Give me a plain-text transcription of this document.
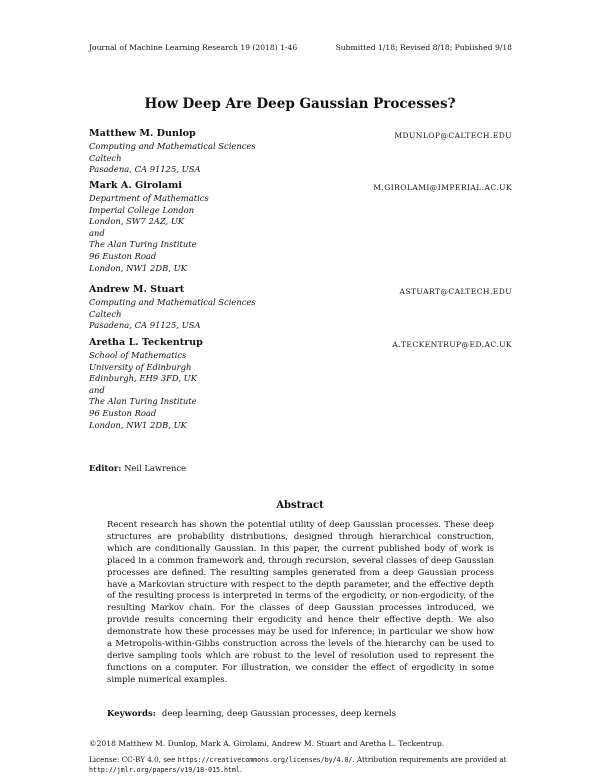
Journal of Machine Learning Research 19 (2018) 1-46	Submitted 1/18; Revised 8/18; Published 9/18

How Deep Are Deep Gaussian Processes?
Matthew M. Dunlop
Computing and Mathematical Sciences
Caltech
Pasadena, CA 91125, USA
MDUNLOP@CALTECH.EDU
Mark A. Girolami
Department of Mathematics
Imperial College London
London, SW7 2AZ, UK
and
The Alan Turing Institute
96 Euston Road
London, NW1 2DB, UK
M.GIROLAMI@IMPERIAL.AC.UK
Andrew M. Stuart
Computing and Mathematical Sciences
Caltech
Pasadena, CA 91125, USA
ASTUART@CALTECH.EDU
Aretha L. Teckentrup
School of Mathematics
University of Edinburgh
Edinburgh, EH9 3FD, UK
and
The Alan Turing Institute
96 Euston Road
London, NW1 2DB, UK
A.TECKENTRUP@ED.AC.UK

Editor: Neil Lawrence

Abstract

Recent research has shown the potential utility of deep Gaussian processes. These deep structures are probability distributions, designed through hierarchical construction, which are conditionally Gaussian. In this paper, the current published body of work is placed in a common framework and, through recursion, several classes of deep Gaussian processes are defined. The resulting samples generated from a deep Gaussian process have a Markovian structure with respect to the depth parameter, and the effective depth of the resulting process is interpreted in terms of the ergodicity, or non-ergodicity, of the resulting Markov chain. For the classes of deep Gaussian processes introduced, we provide results concerning their ergodicity and hence their effective depth. We also demonstrate how these processes may be used for inference; in particular we show how a Metropolis-within-Gibbs construction across the levels of the hierarchy can be used to derive sampling tools which are robust to the level of resolution used to represent the functions on a computer. For illustration, we consider the effect of ergodicity in some simple numerical examples.

Keywords: deep learning, deep Gaussian processes, deep kernels

©2018 Matthew M. Dunlop, Mark A. Girolami, Andrew M. Stuart and Aretha L. Teckentrup.

License: CC-BY 4.0, see https://creativecommons.org/licenses/by/4.0/. Attribution requirements are provided at http://jmlr.org/papers/v19/18-015.html.
